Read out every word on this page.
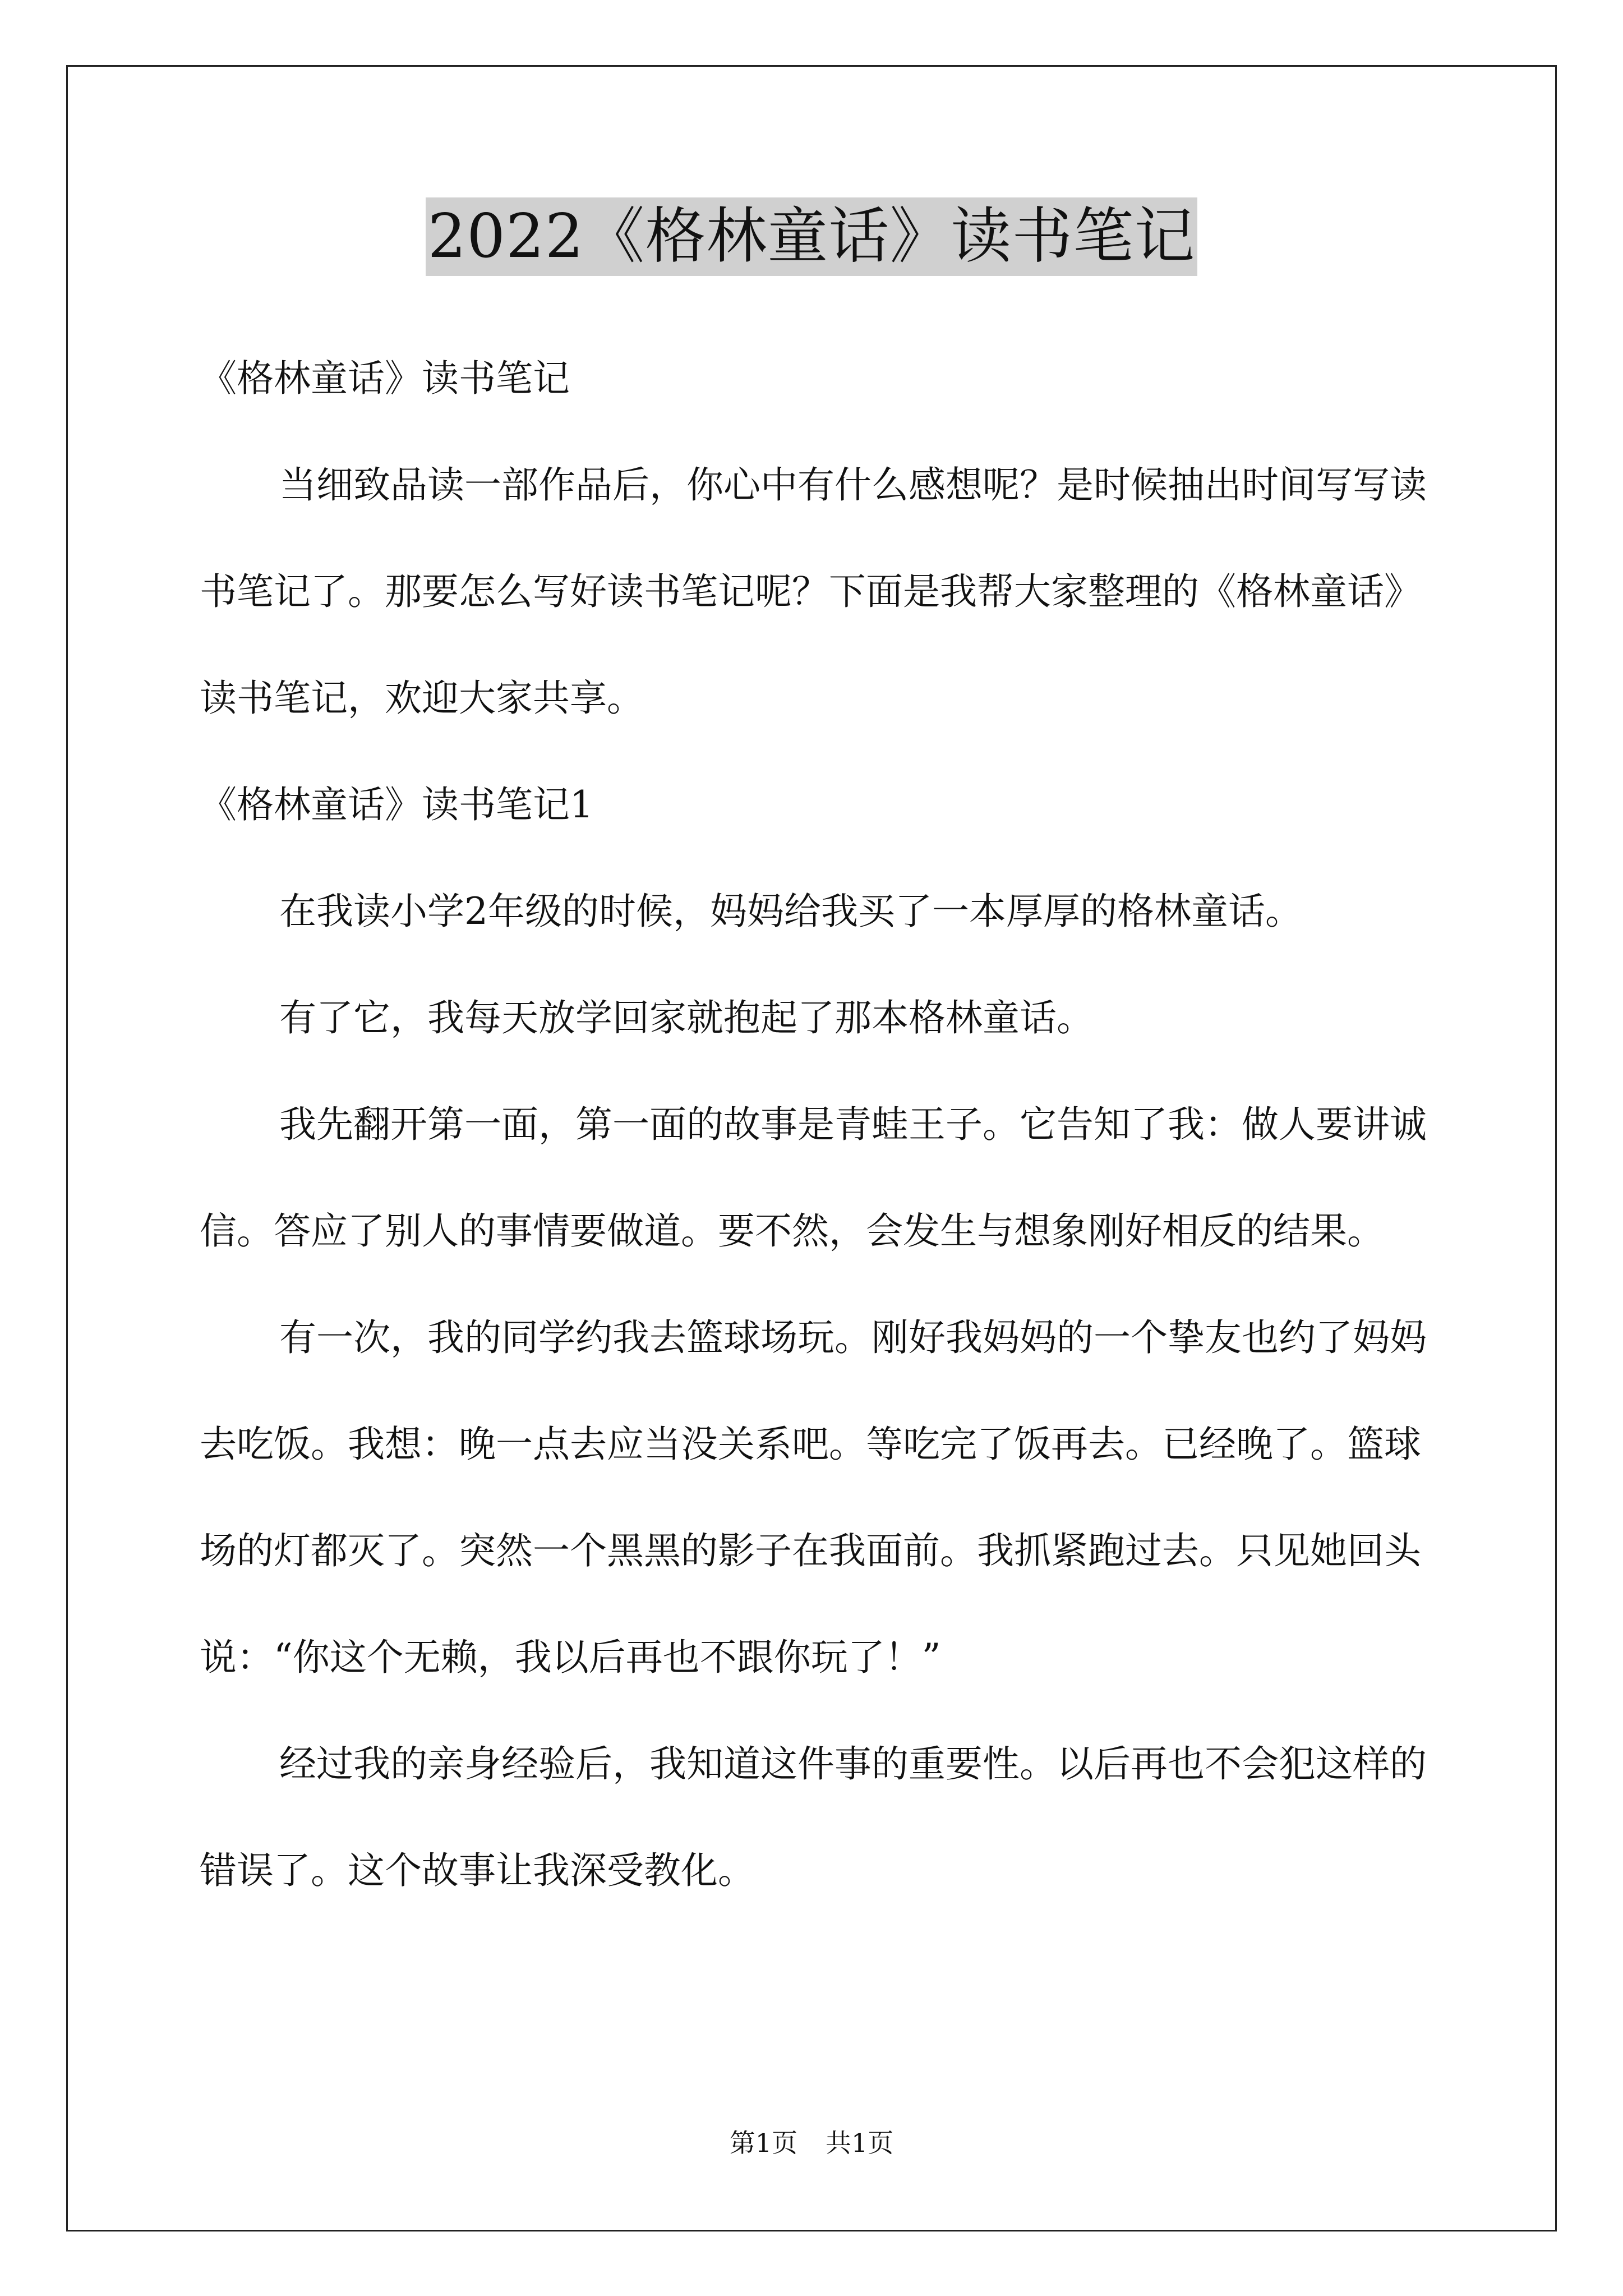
2022《格林童话》读书笔记

《格林童话》读书笔记

当细致品读一部作品后，你心中有什么感想呢？是时候抽出时间写写读书笔记了。那要怎么写好读书笔记呢？下面是我帮大家整理的《格林童话》读书笔记，欢迎大家共享。

《格林童话》读书笔记1

在我读小学2年级的时候，妈妈给我买了一本厚厚的格林童话。

有了它，我每天放学回家就抱起了那本格林童话。

我先翻开第一面，第一面的故事是青蛙王子。它告知了我：做人要讲诚信。答应了别人的事情要做道。要不然，会发生与想象刚好相反的结果。

有一次，我的同学约我去篮球场玩。刚好我妈妈的一个挚友也约了妈妈去吃饭。我想：晚一点去应当没关系吧。等吃完了饭再去。已经晚了。篮球场的灯都灭了。突然一个黑黑的影子在我面前。我抓紧跑过去。只见她回头说：“你这个无赖，我以后再也不跟你玩了！”

经过我的亲身经验后，我知道这件事的重要性。以后再也不会犯这样的错误了。这个故事让我深受教化。

第1页 共1页
